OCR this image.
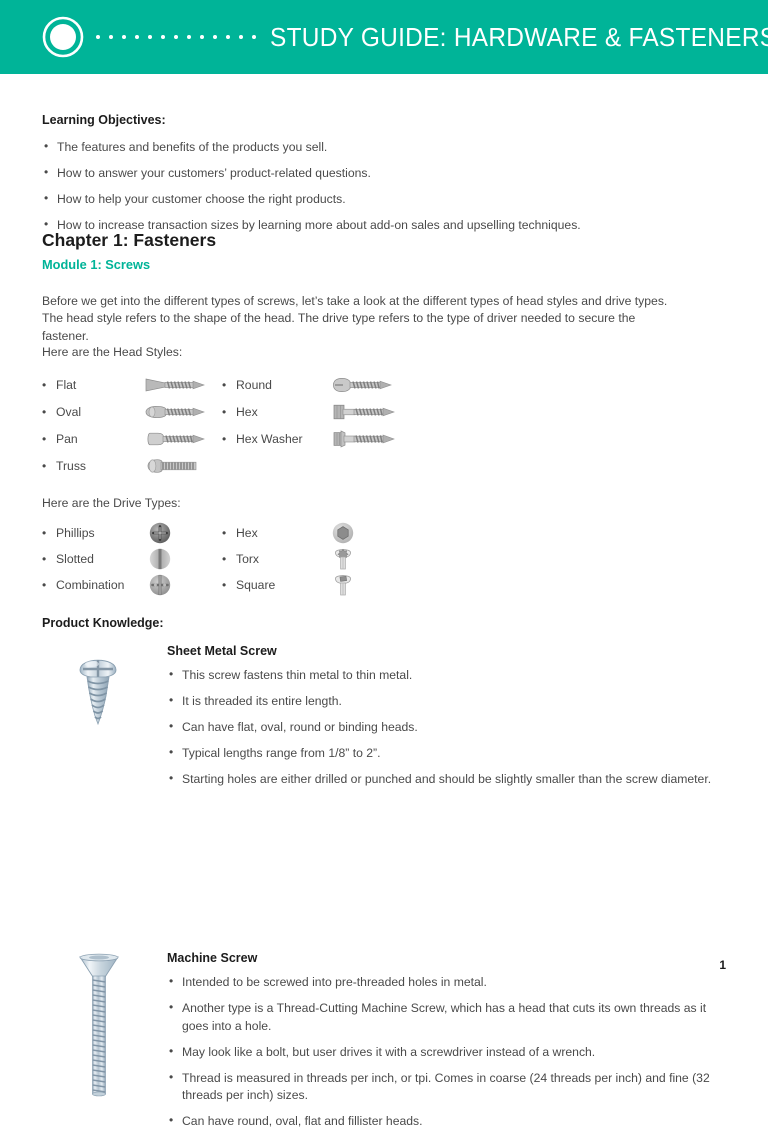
STUDY GUIDE: HARDWARE & FASTENERS
Learning Objectives:
• The features and benefits of the products you sell.
• How to answer your customers’ product-related questions.
• How to help your customer choose the right products.
• How to increase transaction sizes by learning more about add-on sales and upselling techniques.
Chapter 1: Fasteners
Module 1: Screws

Before we get into the different types of screws, let’s take a look at the different types of head styles and drive types. The head style refers to the shape of the head. The drive type refers to the type of driver needed to secure the fastener.

Here are the Head Styles:
• Flat
• Oval
• Pan
• Truss
• Round
• Hex
• Hex Washer
Here are the Drive Types:
• Phillips
• Slotted
• Combination
• Hex
• Torx
• Square
Product Knowledge:
Sheet Metal Screw
• This screw fastens thin metal to thin metal.
• It is threaded its entire length.
• Can have flat, oval, round or binding heads.
• Typical lengths range from 1/8” to 2”.
• Starting holes are either drilled or punched and should be slightly smaller than the screw diameter.
Machine Screw
• Intended to be screwed into pre-threaded holes in metal.
• Another type is a Thread-Cutting Machine Screw, which has a head that cuts its own threads as it goes into a hole.
• May look like a bolt, but user drives it with a screwdriver instead of a wrench.
• Thread is measured in threads per inch, or tpi. Comes in coarse (24 threads per inch) and fine (32 threads per inch) sizes.
• Can have round, oval, flat and fillister heads.
1
